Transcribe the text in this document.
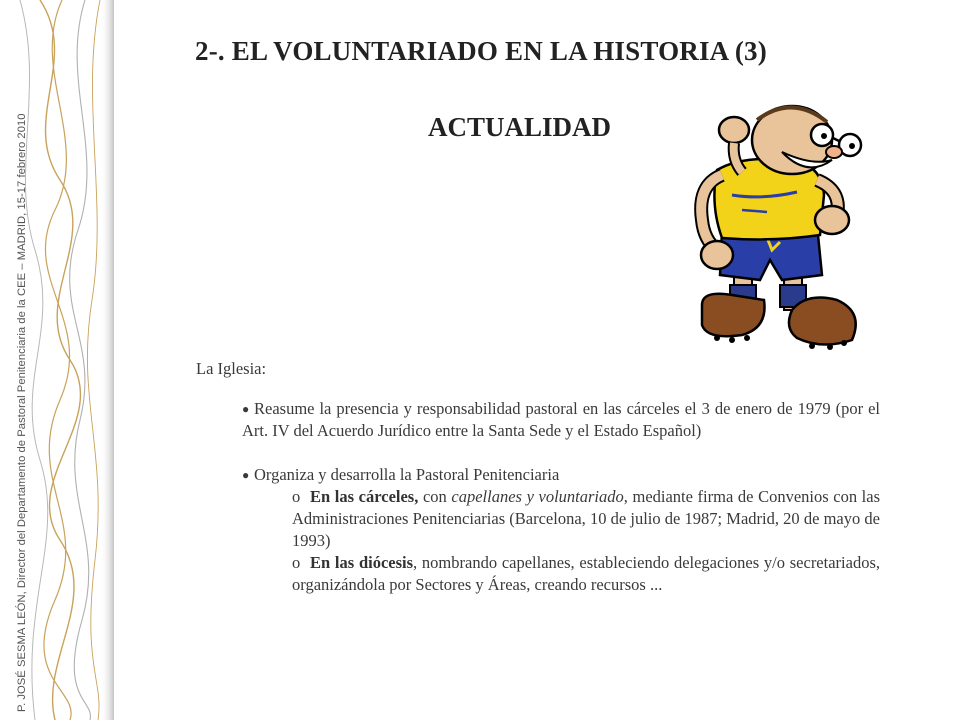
P. JOSÉ SESMA LEÓN, Director del Departamento de Pastoral Penitenciaria de la CEE – MADRID, 15-17 febrero 2010
2-. EL VOLUNTARIADO EN LA HISTORIA (3)
ACTUALIDAD
La Iglesia:
● Reasume la presencia y responsabilidad pastoral en las cárceles el 3 de enero de 1979 (por el Art. IV del Acuerdo Jurídico entre la Santa Sede y el Estado Español)
● Organiza y desarrolla la Pastoral Penitenciaria
o En las cárceles, con capellanes y voluntariado, mediante firma de Convenios con las Administraciones Penitenciarias (Barcelona, 10 de julio de 1987; Madrid, 20 de mayo de 1993)
o En las diócesis, nombrando capellanes, estableciendo delegaciones y/o secretariados, organizándola por Sectores y Áreas, creando recursos ...
